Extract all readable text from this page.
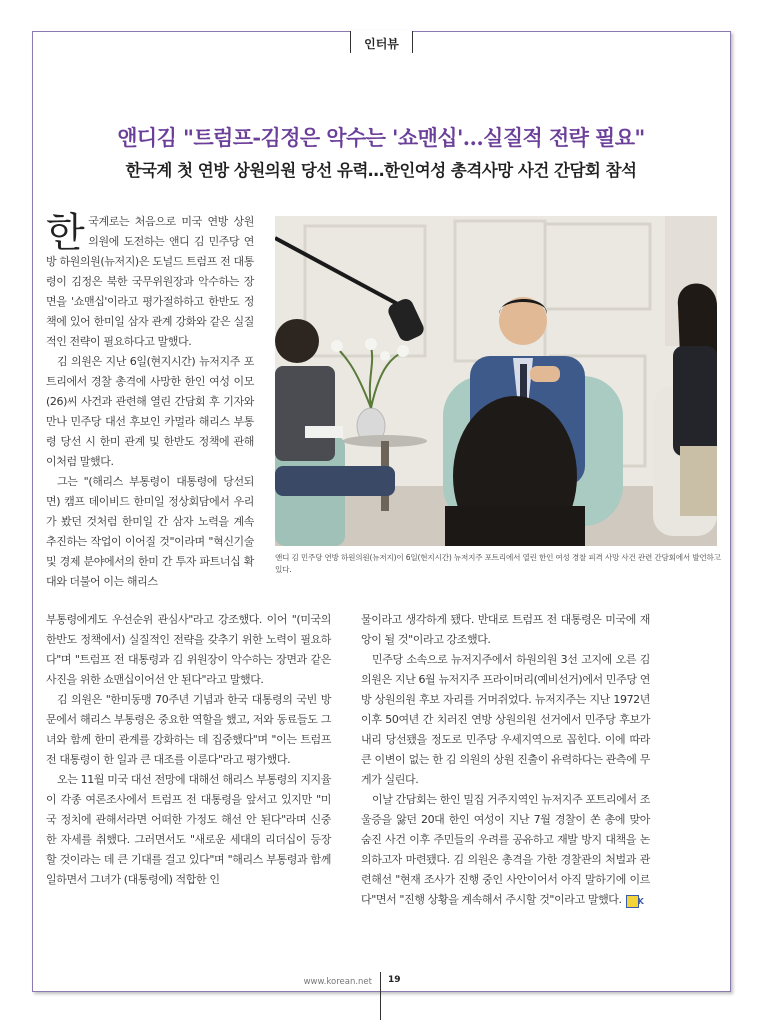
인터뷰
앤디김 "트럼프-김정은 악수는 '쇼맨십'…실질적 전략 필요"
한국계 첫 연방 상원의원 당선 유력…한인여성 총격사망 사건 간담회 참석

한국계로는 처음으로 미국 연방 상원의원에 도전하는 앤디 김 민주당 연방 하원의원(뉴저지)은 도널드 트럼프 전 대통령이 김정은 북한 국무위원장과 악수하는 장면을 '쇼맨십'이라고 평가절하하고 한반도 정책에 있어 한미일 삼자 관계 강화와 같은 실질적인 전략이 필요하다고 말했다.

김 의원은 지난 6일(현지시간) 뉴저지주 포트리에서 경찰 총격에 사망한 한인 여성 이모(26)씨 사건과 관련해 열린 간담회 후 기자와 만나 민주당 대선 후보인 카멀라 해리스 부통령 당선 시 한미 관계 및 한반도 정책에 관해 이처럼 말했다.

그는 "(해리스 부통령이 대통령에 당선되면) 캠프 데이비드 한미일 정상회담에서 우리가 봤던 것처럼 한미일 간 삼자 노력을 계속 추진하는 작업이 이어질 것"이라며 "혁신기술 및 경제 분야에서의 한미 간 투자 파트너십 확대와 더불어 이는 해리스

앤디 김 민주당 연방 하원의원(뉴저지)이 6일(현지시간) 뉴저지주 포트리에서 열린 한인 여성 경찰 피격 사망 사건 관련 간담회에서 발언하고 있다.

부통령에게도 우선순위 관심사"라고 강조했다. 이어 "(미국의 한반도 정책에서) 실질적인 전략을 갖추기 위한 노력이 필요하다"며 "트럼프 전 대통령과 김 위원장이 악수하는 장면과 같은 사진을 위한 쇼맨십이어선 안 된다"라고 말했다.

김 의원은 "한미동맹 70주년 기념과 한국 대통령의 국빈 방문에서 해리스 부통령은 중요한 역할을 했고, 저와 동료들도 그녀와 함께 한미 관계를 강화하는 데 집중했다"며 "이는 트럼프 전 대통령이 한 일과 큰 대조를 이룬다"라고 평가했다.

오는 11월 미국 대선 전망에 대해선 해리스 부통령의 지지율이 각종 여론조사에서 트럼프 전 대통령을 앞서고 있지만 "미국 정치에 관해서라면 어떠한 가정도 해선 안 된다"라며 신중한 자세를 취했다. 그러면서도 "새로운 세대의 리더십이 등장할 것이라는 데 큰 기대를 걸고 있다"며 "해리스 부통령과 함께 일하면서 그녀가 (대통령에) 적합한 인

물이라고 생각하게 됐다. 반대로 트럼프 전 대통령은 미국에 재앙이 될 것"이라고 강조했다.

민주당 소속으로 뉴저지주에서 하원의원 3선 고지에 오른 김 의원은 지난 6월 뉴저지주 프라이머리(예비선거)에서 민주당 연방 상원의원 후보 자리를 거머쥐었다. 뉴저지주는 지난 1972년 이후 50여년 간 치러진 연방 상원의원 선거에서 민주당 후보가 내리 당선됐을 정도로 민주당 우세지역으로 꼽힌다. 이에 따라 큰 이변이 없는 한 김 의원의 상원 진출이 유력하다는 관측에 무게가 실린다.

이날 간담회는 한인 밀집 거주지역인 뉴저지주 포트리에서 조울증을 앓던 20대 한인 여성이 지난 7월 경찰이 쏜 총에 맞아 숨진 사건 이후 주민들의 우려를 공유하고 재발 방지 대책을 논의하고자 마련됐다. 김 의원은 총격을 가한 경찰관의 처벌과 관련해선 "현재 조사가 진행 중인 사안이어서 아직 말하기에 이르다"면서 "진행 상황을 계속해서 주시할 것"이라고 말했다. K

www.korean.net 19
